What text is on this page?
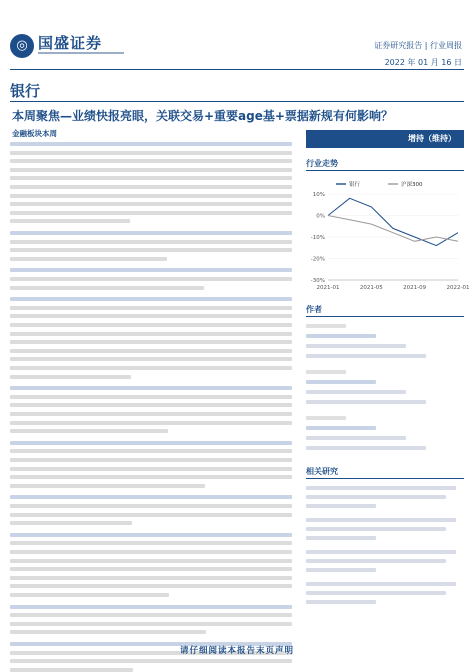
◎ 国盛证券	证券研究报告 | 行业周报
2022 年 01 月 16 日
银行
本周聚焦—业绩快报亮眼，关联交易+重要age基+票据新规有何影响？
金融板块本周
增持（维持）
行业走势
10%
0%
-10%
-20%
-30%
2021-01	2021-05	2021-09	2022-01
银行	沪深300
作者
相关研究
请仔细阅读本报告末页声明
